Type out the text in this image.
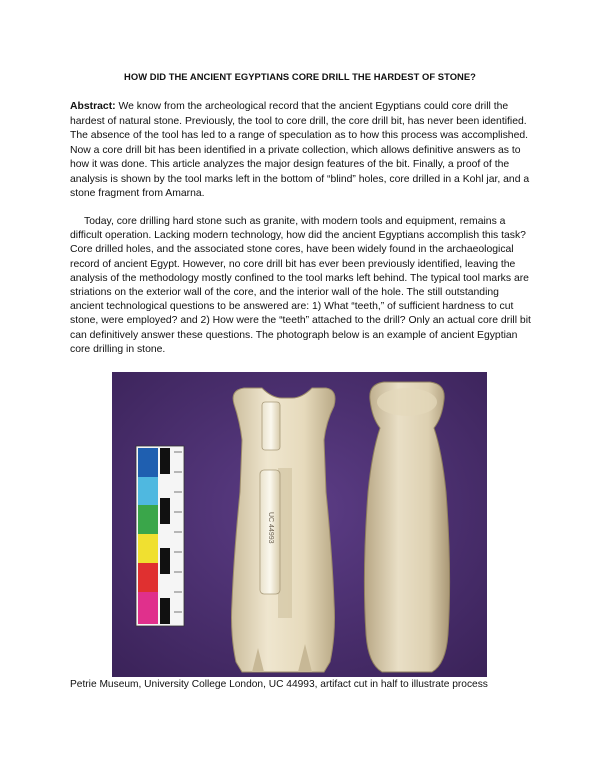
HOW DID THE ANCIENT EGYPTIANS CORE DRILL THE HARDEST OF STONE?
Abstract: We know from the archeological record that the ancient Egyptians could core drill the hardest of natural stone. Previously, the tool to core drill, the core drill bit, has never been identified. The absence of the tool has led to a range of speculation as to how this process was accomplished. Now a core drill bit has been identified in a private collection, which allows definitive answers as to how it was done. This article analyzes the major design features of the bit. Finally, a proof of the analysis is shown by the tool marks left in the bottom of “blind” holes, core drilled in a Kohl jar, and a stone fragment from Amarna.
Today, core drilling hard stone such as granite, with modern tools and equipment, remains a difficult operation. Lacking modern technology, how did the ancient Egyptians accomplish this task? Core drilled holes, and the associated stone cores, have been widely found in the archaeological record of ancient Egypt. However, no core drill bit has ever been previously identified, leaving the analysis of the methodology mostly confined to the tool marks left behind. The typical tool marks are striations on the exterior wall of the core, and the interior wall of the hole. The still outstanding ancient technological questions to be answered are: 1) What “teeth,” of sufficient hardness to cut stone, were employed? and 2) How were the “teeth” attached to the drill? Only an actual core drill bit can definitively answer these questions. The photograph below is an example of ancient Egyptian core drilling in stone.
UC 44993
Petrie Museum, University College London, UC 44993, artifact cut in half to illustrate process
